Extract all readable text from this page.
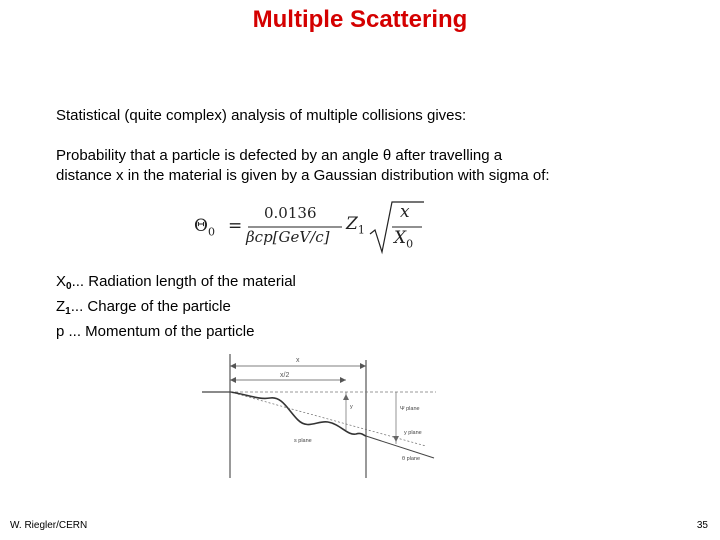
Multiple Scattering
Statistical (quite complex) analysis of multiple collisions gives:
Probability that a particle is defected by an angle θ after travelling a
distance x in the material is given by a Gaussian distribution with sigma of:
$\Theta_0$ =
0.0136
βcp[GeV/c]
$Z_1$
x
$X_0$
$X_0$... Radiation length of the material
$Z_1$... Charge of the particle
p ... Momentum of the particle
x
x/2
y
s plane
Ψ plane
y plane
θ plane
W. Riegler/CERN	35
